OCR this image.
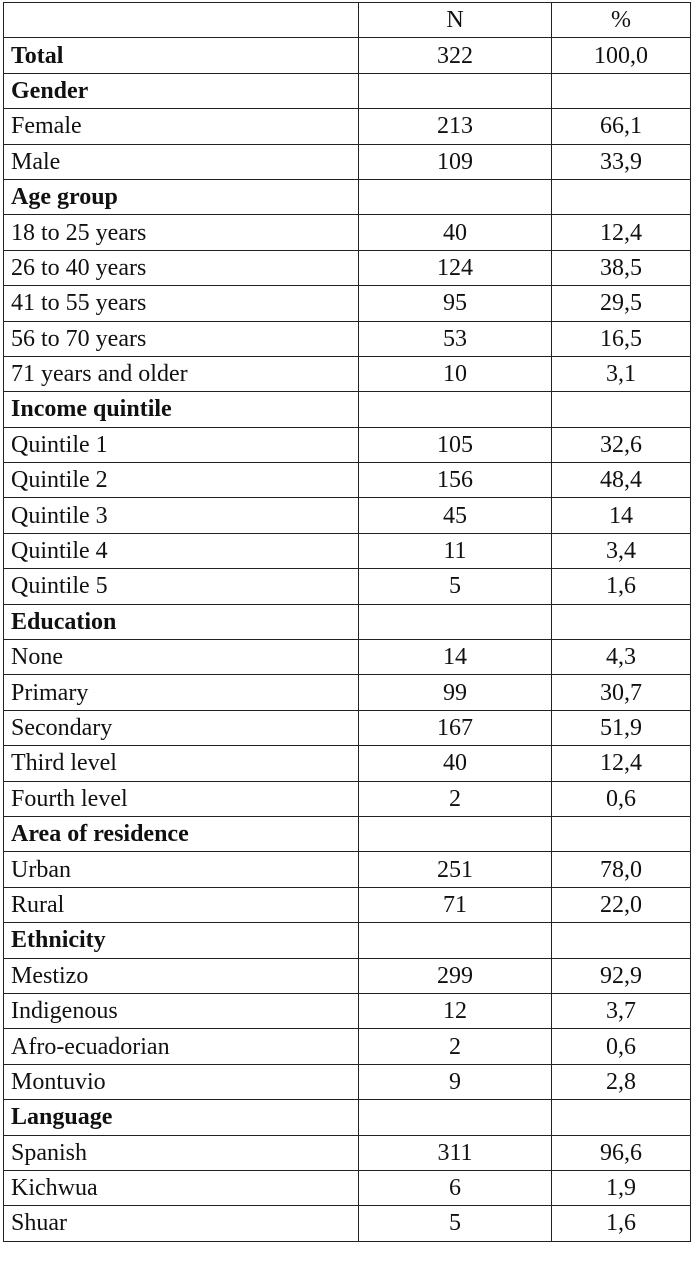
	N	%
Total	322	100,0
Gender		
Female	213	66,1
Male	109	33,9
Age group		
18 to 25 years	40	12,4
26 to 40 years	124	38,5
41 to 55 years	95	29,5
56 to 70 years	53	16,5
71 years and older	10	3,1
Income quintile		
Quintile 1	105	32,6
Quintile 2	156	48,4
Quintile 3	45	14
Quintile 4	11	3,4
Quintile 5	5	1,6
Education		
None	14	4,3
Primary	99	30,7
Secondary	167	51,9
Third level	40	12,4
Fourth level	2	0,6
Area of residence		
Urban	251	78,0
Rural	71	22,0
Ethnicity		
Mestizo	299	92,9
Indigenous	12	3,7
Afro-ecuadorian	2	0,6
Montuvio	9	2,8
Language		
Spanish	311	96,6
Kichwua	6	1,9
Shuar	5	1,6
